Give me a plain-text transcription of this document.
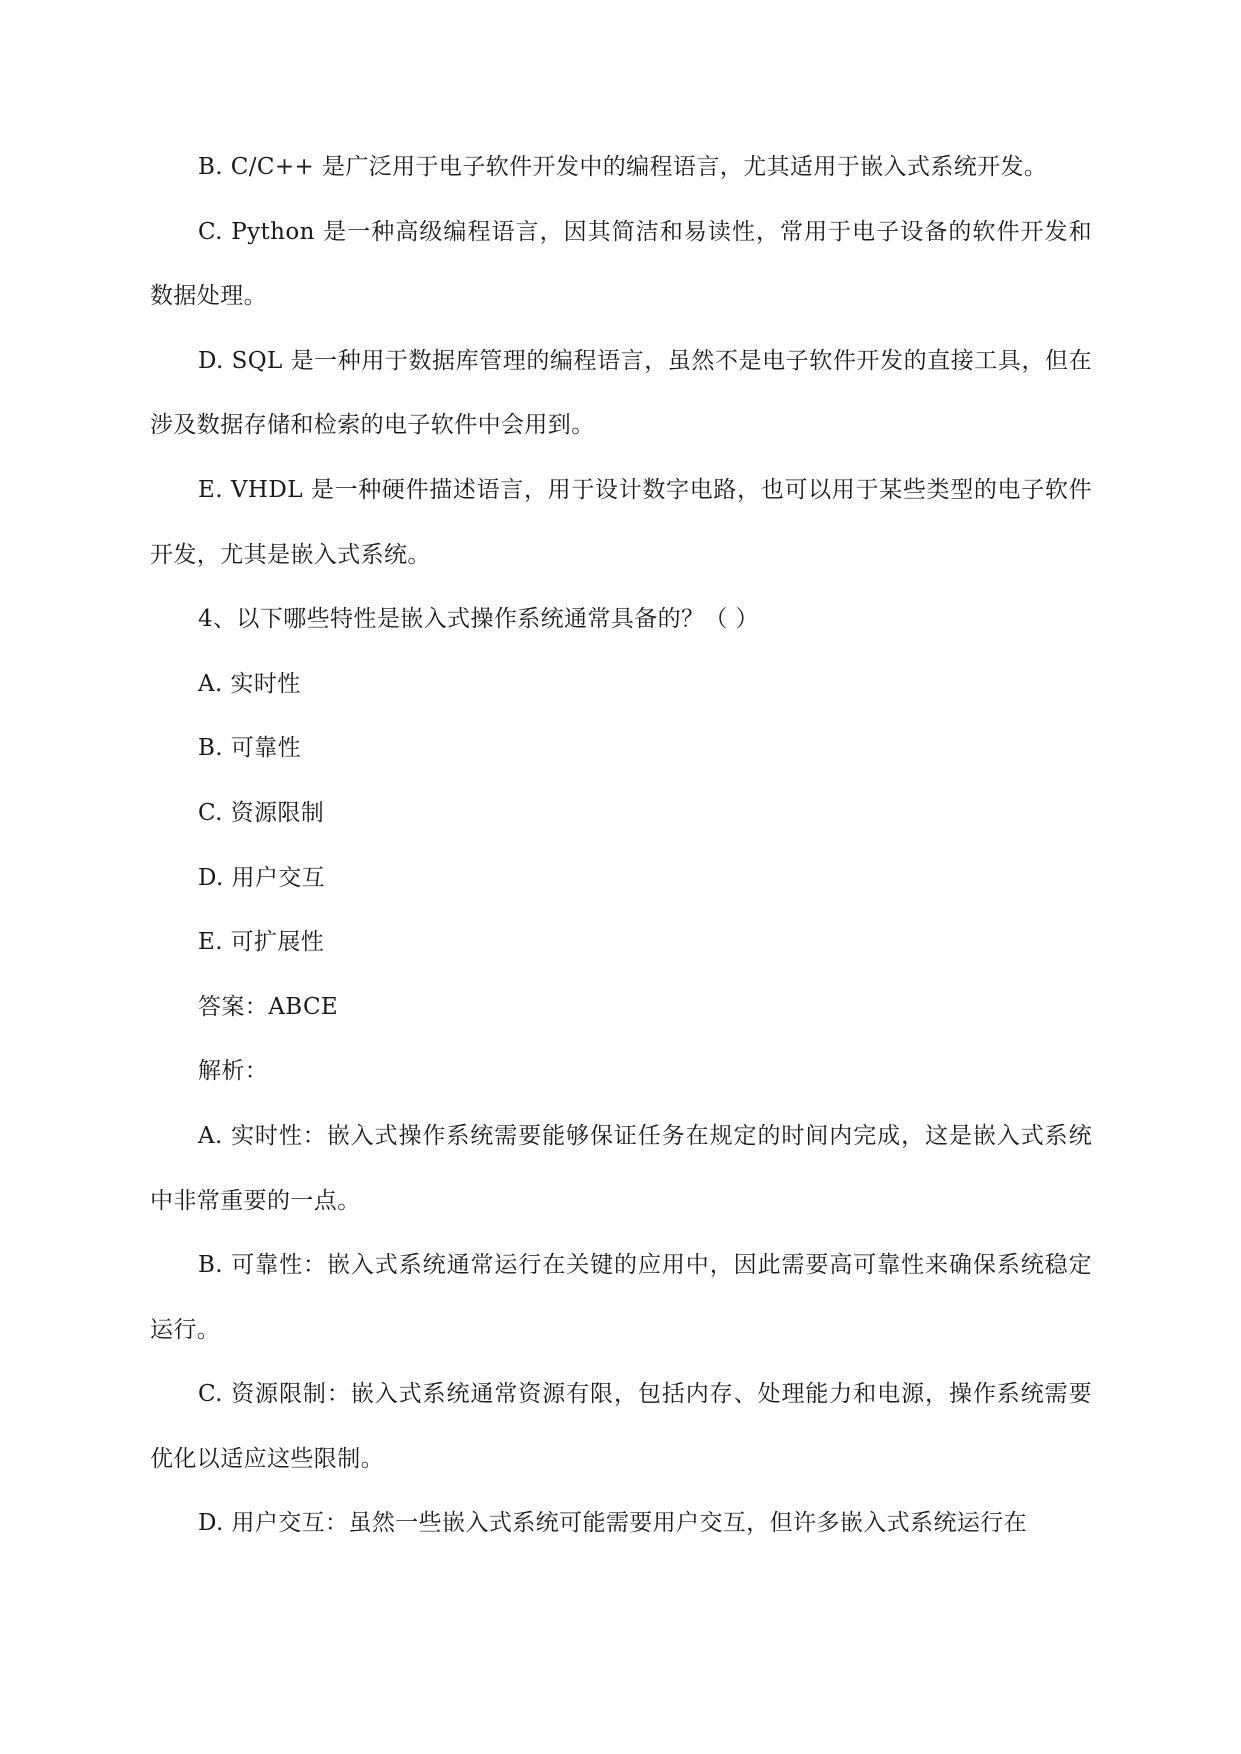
B. C/C++ 是广泛用于电子软件开发中的编程语言，尤其适用于嵌入式系统开发。

C. Python 是一种高级编程语言，因其简洁和易读性，常用于电子设备的软件开发和数据处理。

D. SQL 是一种用于数据库管理的编程语言，虽然不是电子软件开发的直接工具，但在涉及数据存储和检索的电子软件中会用到。

E. VHDL 是一种硬件描述语言，用于设计数字电路，也可以用于某些类型的电子软件开发，尤其是嵌入式系统。

4、以下哪些特性是嵌入式操作系统通常具备的？（ ）

A. 实时性

B. 可靠性

C. 资源限制

D. 用户交互

E. 可扩展性

答案：ABCE

解析：

A. 实时性：嵌入式操作系统需要能够保证任务在规定的时间内完成，这是嵌入式系统中非常重要的一点。

B. 可靠性：嵌入式系统通常运行在关键的应用中，因此需要高可靠性来确保系统稳定运行。

C. 资源限制：嵌入式系统通常资源有限，包括内存、处理能力和电源，操作系统需要优化以适应这些限制。

D. 用户交互：虽然一些嵌入式系统可能需要用户交互，但许多嵌入式系统运行在
